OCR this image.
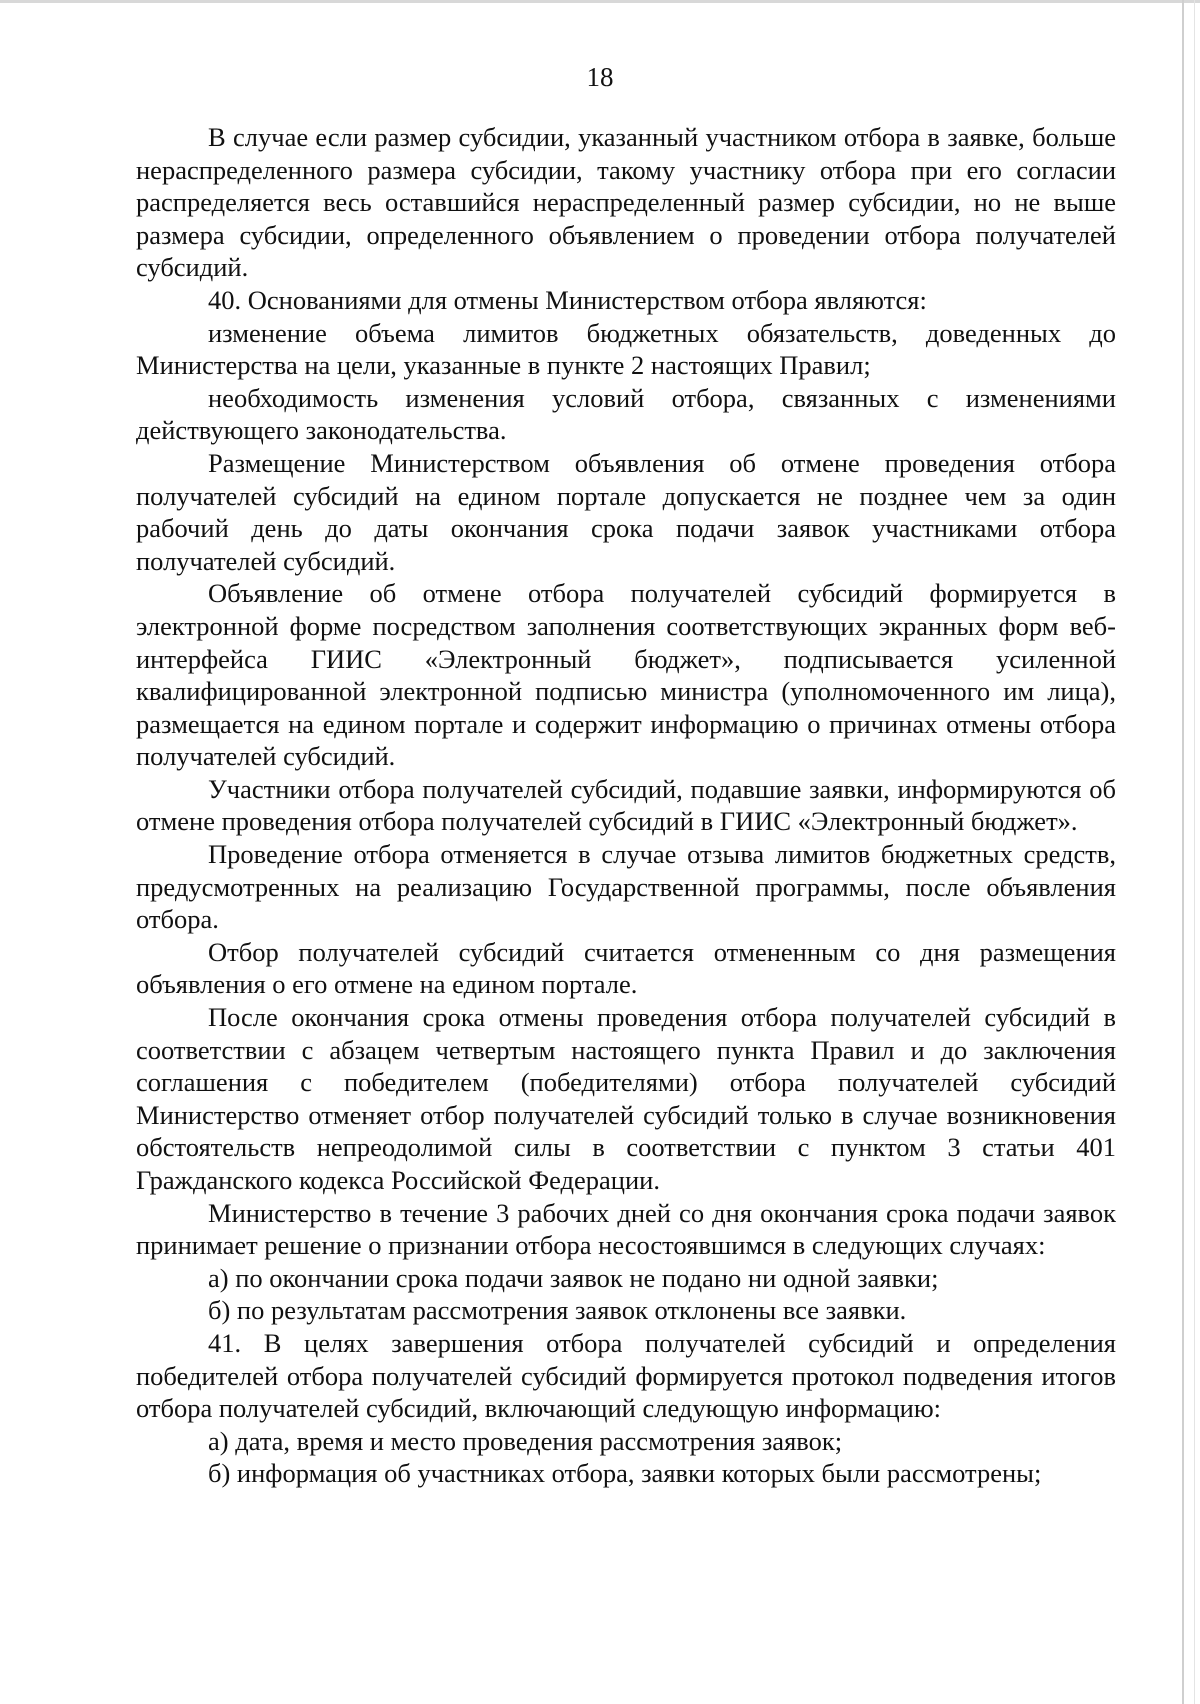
18

В случае если размер субсидии, указанный участником отбора в заявке, больше нераспределенного размера субсидии, такому участнику отбора при его согласии распределяется весь оставшийся нераспределенный размер субсидии, но не выше размера субсидии, определенного объявлением о проведении отбора получателей субсидий.

40. Основаниями для отмены Министерством отбора являются:

изменение объема лимитов бюджетных обязательств, доведенных до Министерства на цели, указанные в пункте 2 настоящих Правил;

необходимость изменения условий отбора, связанных с изменениями действующего законодательства.

Размещение Министерством объявления об отмене проведения отбора получателей субсидий на едином портале допускается не позднее чем за один рабочий день до даты окончания срока подачи заявок участниками отбора получателей субсидий.

Объявление об отмене отбора получателей субсидий формируется в электронной форме посредством заполнения соответствующих экранных форм веб-интерфейса ГИИС «Электронный бюджет», подписывается усиленной квалифицированной электронной подписью министра (уполномоченного им лица), размещается на едином портале и содержит информацию о причинах отмены отбора получателей субсидий.

Участники отбора получателей субсидий, подавшие заявки, информируются об отмене проведения отбора получателей субсидий в ГИИС «Электронный бюджет».

Проведение отбора отменяется в случае отзыва лимитов бюджетных средств, предусмотренных на реализацию Государственной программы, после объявления отбора.

Отбор получателей субсидий считается отмененным со дня размещения объявления о его отмене на едином портале.

После окончания срока отмены проведения отбора получателей субсидий в соответствии с абзацем четвертым настоящего пункта Правил и до заключения соглашения с победителем (победителями) отбора получателей субсидий Министерство отменяет отбор получателей субсидий только в случае возникновения обстоятельств непреодолимой силы в соответствии с пунктом 3 статьи 401 Гражданского кодекса Российской Федерации.

Министерство в течение 3 рабочих дней со дня окончания срока подачи заявок принимает решение о признании отбора несостоявшимся в следующих случаях:

а) по окончании срока подачи заявок не подано ни одной заявки;

б) по результатам рассмотрения заявок отклонены все заявки.

41. В целях завершения отбора получателей субсидий и определения победителей отбора получателей субсидий формируется протокол подведения итогов отбора получателей субсидий, включающий следующую информацию:

а) дата, время и место проведения рассмотрения заявок;

б) информация об участниках отбора, заявки которых были рассмотрены;
